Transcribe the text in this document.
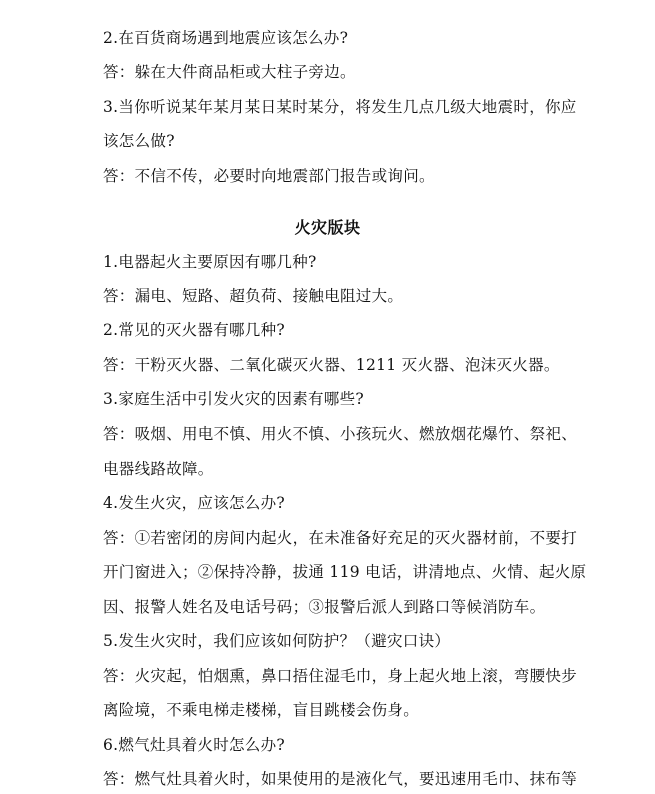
2.在百货商场遇到地震应该怎么办?
答：躲在大件商品柜或大柱子旁边。
3.当你听说某年某月某日某时某分，将发生几点几级大地震时，你应
该怎么做?
答：不信不传，必要时向地震部门报告或询问。
火灾版块
1.电器起火主要原因有哪几种?
答：漏电、短路、超负荷、接触电阻过大。
2.常见的灭火器有哪几种?
答：干粉灭火器、二氧化碳灭火器、1211 灭火器、泡沫灭火器。
3.家庭生活中引发火灾的因素有哪些?
答：吸烟、用电不慎、用火不慎、小孩玩火、燃放烟花爆竹、祭祀、
电器线路故障。
4.发生火灾，应该怎么办?
答：①若密闭的房间内起火，在未准备好充足的灭火器材前，不要打
开门窗进入；②保持冷静，拔通 119 电话，讲清地点、火情、起火原
因、报警人姓名及电话号码；③报警后派人到路口等候消防车。
5.发生火灾时，我们应该如何防护？（避灾口诀）
答：火灾起，怕烟熏，鼻口捂住湿毛巾，身上起火地上滚，弯腰快步
离险境，不乘电梯走楼梯，盲目跳楼会伤身。
6.燃气灶具着火时怎么办?
答：燃气灶具着火时，如果使用的是液化气，要迅速用毛巾、抹布等
